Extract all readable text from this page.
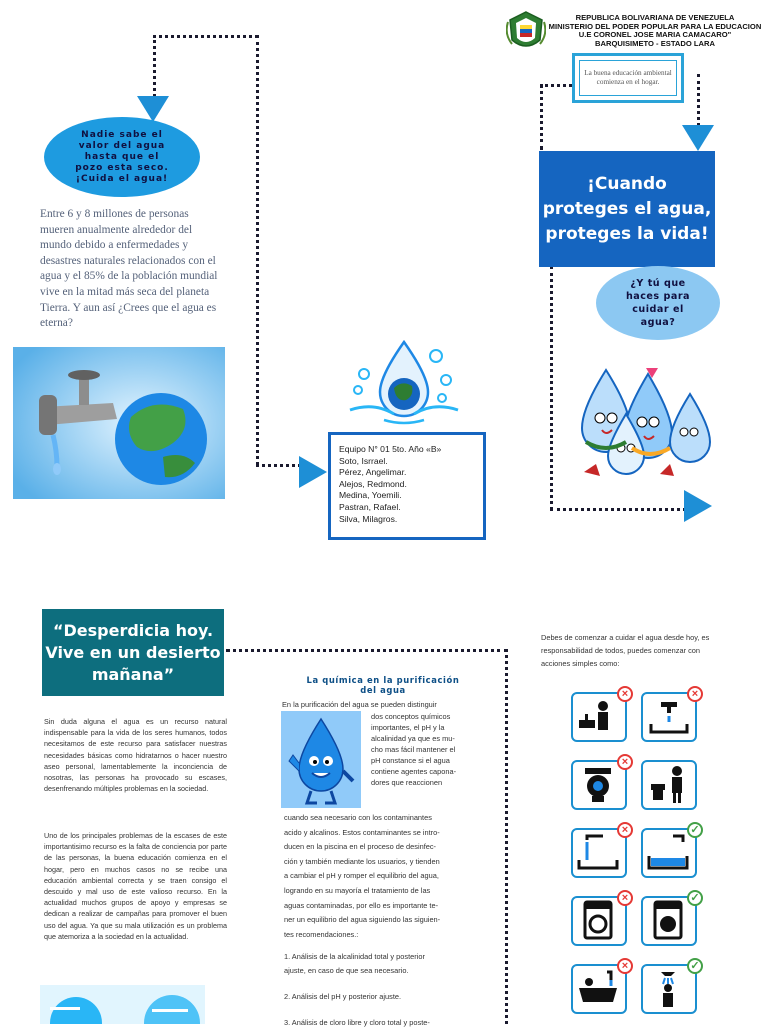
REPUBLICA BOLIVARIANA DE VENEZUELA
MINISTERIO DEL PODER POPULAR PARA LA EDUCACION
U.E CORONEL JOSE MARIA CAMACARO"
BARQUISIMETO - ESTADO LARA
La buena educación ambiental comienza en el hogar.
Nadie sabe el valor del agua hasta que el pozo esta seco. ¡Cuida el agua!
Entre 6 y 8 millones de personas mueren anualmente alrededor del mundo debido a enfermedades y desastres naturales relacionados con el agua y el 85% de la población mundial vive en la mitad más seca del planeta Tierra. Y aun así ¿Crees que el agua es eterna?
Equipo N° 01 5to. Año «B»
Soto, Isrrael.
Pérez, Angelimar.
Alejos, Redmond.
Medina, Yoemili.
Pastran, Rafael.
Silva, Milagros.
¡Cuando proteges el agua, proteges la vida!
¿Y tú que haces para cuidar el agua?
“Desperdicia hoy. Vive en un desierto mañana”
Sin duda alguna el agua es un recurso natural indispensable para la vida de los seres humanos, todos necesitamos de este recurso para satisfacer nuestras necesidades básicas como hidratarnos o hacer nuestro aseo personal, lamentablemente la inconciencia de nosotras, las personas ha provocado su escases, desenfrenando múltiples problemas en la sociedad.
Uno de los principales problemas de la escases de este importantisimo recurso es la falta de conciencia por parte de las personas, la buena educación comienza en el hogar, pero en muchos casos no se recibe una educación ambiental correcta y se traen consigo el descuido y mal uso de este valioso recurso. En la actualidad muchos grupos de apoyo y empresas se dedican a realizar de campañas para promover el buen uso del agua. Ya que su mala utilización es un problema que atemoriza a la sociedad en la actualidad.
La química en la purificación
del agua
En la purificación del agua se pueden distinguir
dos conceptos químicos
importantes, el pH y la
alcalinidad ya que es mu-
cho mas fácil mantener el
pH constance si el agua
contiene agentes capona-
dores que reaccionen
cuando sea necesario con los contaminantes
acido y alcalinos. Estos contaminantes se intro-
ducen en la piscina en el proceso de desinfec-
ción y también mediante los usuarios, y tienden
a cambiar el pH y romper el equilibrio del agua,
logrando en su mayoría el tratamiento de las
aguas contaminadas, por ello es importante te-
ner un equilibrio del agua siguiendo las siguien-
tes recomendaciones.:
1. Análisis de la alcalinidad total y posterior
ajuste, en caso de que sea necesario.
2. Análisis del pH y posterior ajuste.
3. Análisis de cloro libre y cloro total y poste-
Debes de comenzar a cuidar el agua desde hoy, es responsabilidad de todos, puedes comenzar con acciones simples como:
×	×
×
×	✓
×	✓
×	✓
